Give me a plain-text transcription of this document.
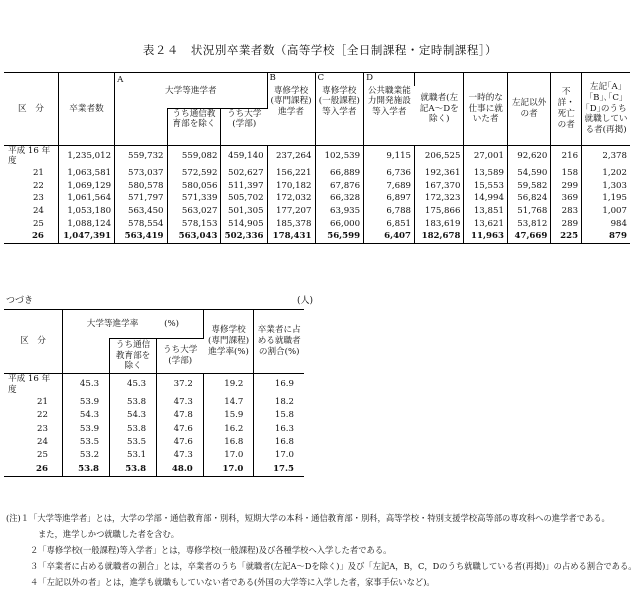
表２４　状況別卒業者数（高等学校［全日制課程・定時制課程］）
区　分	卒業者数	A			B	C	D	就職者(左記A～Dを除く)	一時的な仕事に就いた者	左記以外の者	不詳・死亡の者	左記｢A｣｢B｣､｢C｣｢D｣のうち就職している者(再掲)
		大学等進学者			専修学校(専門課程)進学者	専修学校(一般課程)等入学者	公共職業能力開発施設等入学者					
			うち通信教育部を除く	うち大学(学部)								
平成 16 年度	1,235,012	559,732	559,082	459,140	237,264	102,539	9,115	206,525	27,001	92,620	216	2,378
21	1,063,581	573,037	572,592	502,627	156,221	66,889	6,736	192,361	13,589	54,590	158	1,202
22	1,069,129	580,578	580,056	511,397	170,182	67,876	7,689	167,370	15,553	59,582	299	1,303
23	1,061,564	571,797	571,339	505,702	172,032	66,328	6,897	172,323	14,994	56,824	369	1,195
24	1,053,180	563,450	563,027	501,305	177,207	63,935	6,788	175,866	13,851	51,768	283	1,007
25	1,088,124	578,554	578,153	514,905	185,378	66,000	6,851	183,619	13,621	53,812	289	984
26	1,047,391	563,419	563,043	502,336	178,431	56,599	6,407	182,678	11,963	47,669	225	879
つづき	(人)
区　分	大学等進学率　　　(%)			専修学校(専門課程)進学率(%)	卒業者に占める就職者の割合(%)
		うち通信教育部を除く	うち大学(学部)		
平成 16 年度	45.3	45.3	37.2	19.2	16.9
21	53.9	53.8	47.3	14.7	18.2
22	54.3	54.3	47.8	15.9	15.8
23	53.9	53.8	47.6	16.2	16.3
24	53.5	53.5	47.6	16.8	16.8
25	53.2	53.1	47.3	17.0	17.0
26	53.8	53.8	48.0	17.0	17.5
(注)１「大学等進学者」とは，大学の学部・通信教育部・別科，短期大学の本科・通信教育部・別科，高等学校・特別支援学校高等部の専攻科への進学者である。
また，進学しかつ就職した者を含む。
２「専修学校(一般課程)等入学者」とは，専修学校(一般課程)及び各種学校へ入学した者である。
３「卒業者に占める就職者の割合」とは，卒業者のうち「就職者(左記A～Dを除く)」及び「左記A，B，C，Dのうち就職している者(再掲)」の占める割合である。
４「左記以外の者」とは，進学も就職もしていない者である(外国の大学等に入学した者，家事手伝いなど)。
